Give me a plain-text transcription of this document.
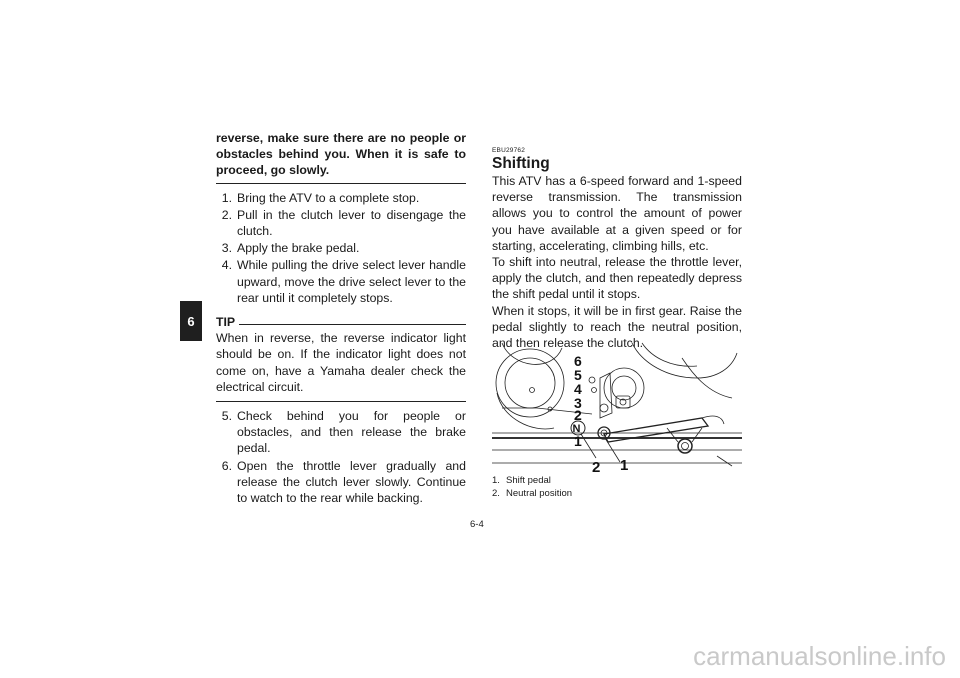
6
reverse, make sure there are no people or obstacles behind you. When it is safe to proceed, go slowly.
1. Bring the ATV to a complete stop.
2. Pull in the clutch lever to disengage the clutch.
3. Apply the brake pedal.
4. While pulling the drive select lever handle upward, move the drive select lever to the rear until it completely stops.
TIP
When in reverse, the reverse indicator light should be on. If the indicator light does not come on, have a Yamaha dealer check the electrical circuit.
5. Check behind you for people or obstacles, and then release the brake pedal.
6. Open the throttle lever gradually and release the clutch lever slowly. Continue to watch to the rear while backing.
EBU29762
Shifting
This ATV has a 6-speed forward and 1-speed reverse transmission. The transmission allows you to control the amount of power you have available at a given speed or for starting, accelerating, climbing hills, etc.
To shift into neutral, release the throttle lever, apply the clutch, and then repeatedly depress the shift pedal until it stops.
When it stops, it will be in first gear. Raise the pedal slightly to reach the neutral position, and then release the clutch.
6
5
4
3
2
N
1
1
2
1. Shift pedal
2. Neutral position
6-4
carmanualsonline.info
